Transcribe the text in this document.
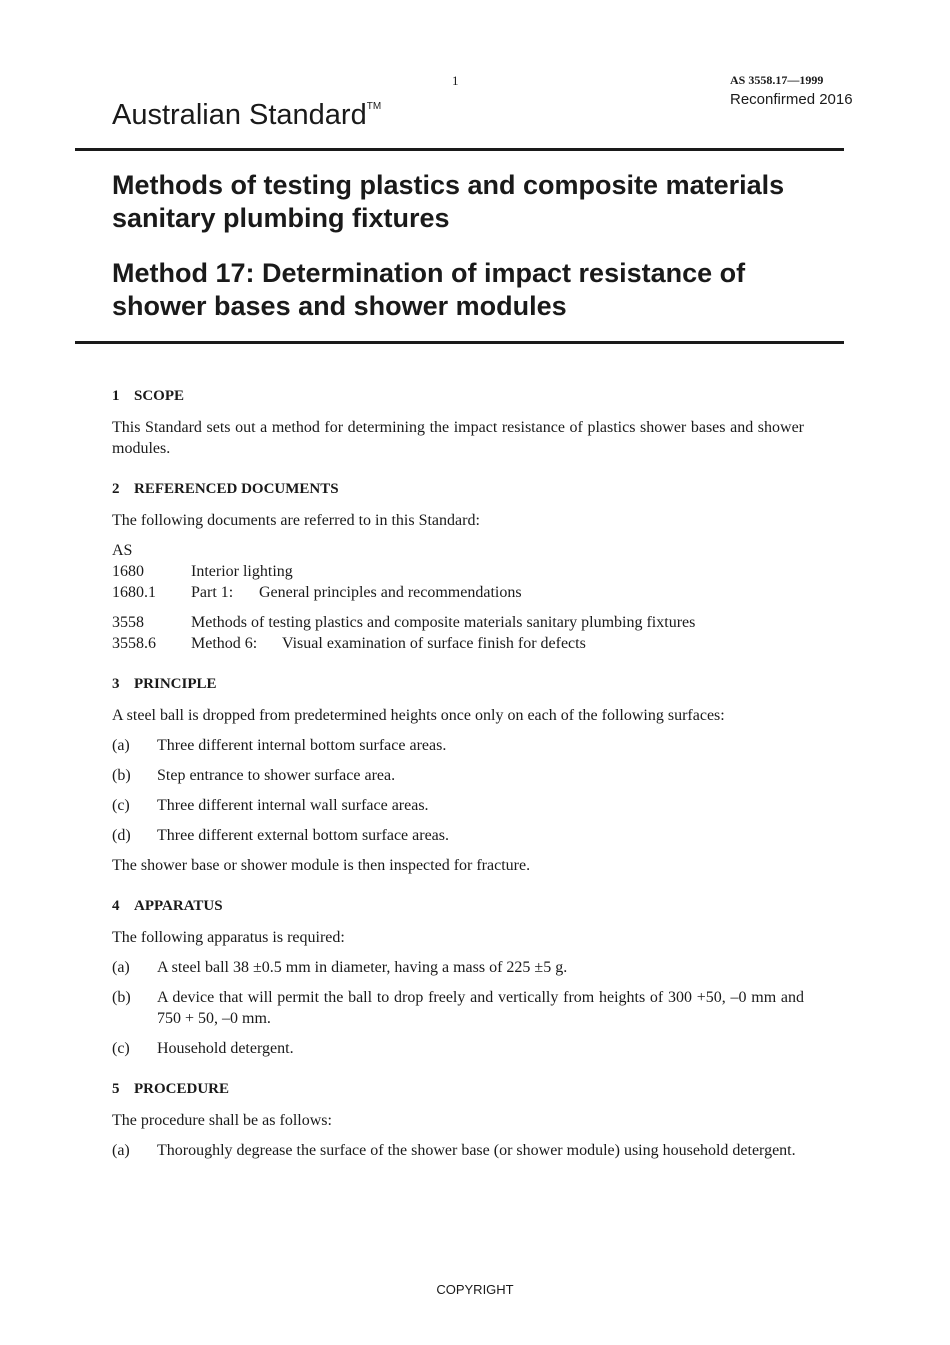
1	AS 3558.17—1999
Reconfirmed 2016
Australian Standard™
Methods of testing plastics and composite materials sanitary plumbing fixtures
Method 17: Determination of impact resistance of shower bases and shower modules
1 SCOPE

This Standard sets out a method for determining the impact resistance of plastics shower bases and shower modules.

2 REFERENCED DOCUMENTS

The following documents are referred to in this Standard:

AS
1680	Interior lighting
1680.1	Part 1: General principles and recommendations
3558	Methods of testing plastics and composite materials sanitary plumbing fixtures
3558.6	Method 6: Visual examination of surface finish for defects
3 PRINCIPLE

A steel ball is dropped from predetermined heights once only on each of the following surfaces:

(a)	Three different internal bottom surface areas.
(b)	Step entrance to shower surface area.
(c)	Three different internal wall surface areas.
(d)	Three different external bottom surface areas.

The shower base or shower module is then inspected for fracture.

4 APPARATUS

The following apparatus is required:

(a)	A steel ball 38 ±0.5 mm in diameter, having a mass of 225 ±5 g.
(b)	A device that will permit the ball to drop freely and vertically from heights of 300 +50, –0 mm and 750 + 50, –0 mm.
(c)	Household detergent.
5 PROCEDURE

The procedure shall be as follows:

(a)	Thoroughly degrease the surface of the shower base (or shower module) using household detergent.
COPYRIGHT
